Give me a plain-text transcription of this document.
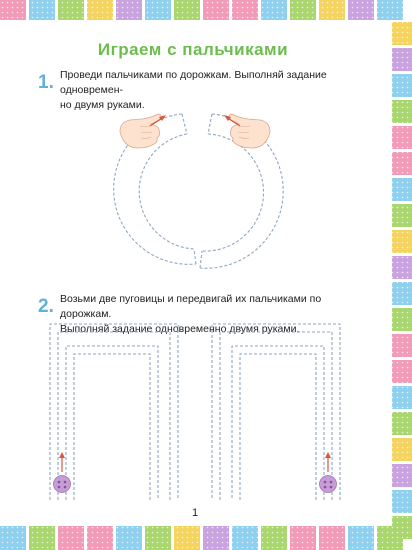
Играем с пальчиками
1. Проведи пальчиками по дорожкам. Выполняй задание одновремен-
но двумя руками.
2. Возьми две пуговицы и передвигай их пальчиками по дорожкам.
Выполняй задание одновременно двумя руками.
1
